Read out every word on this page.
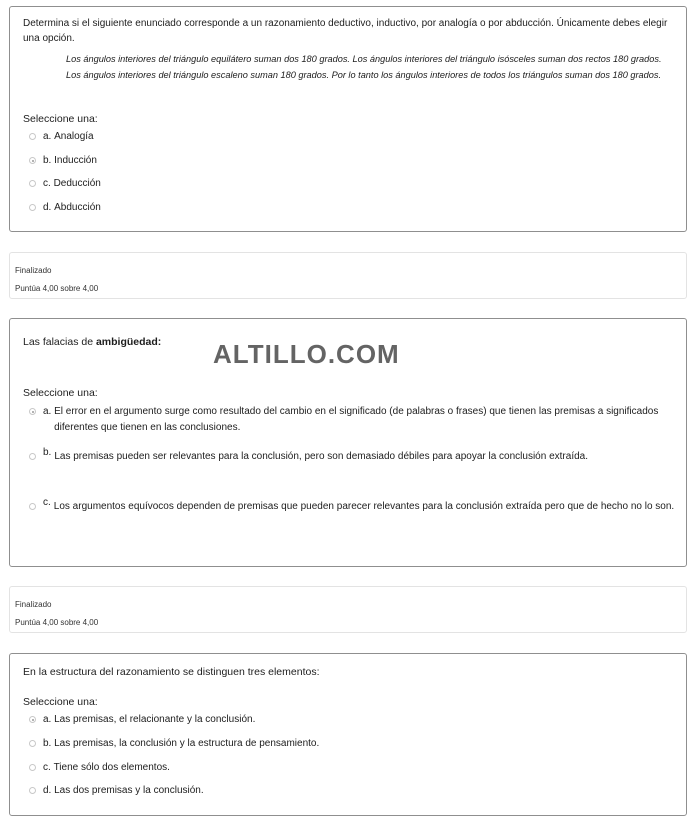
Determina si el siguiente enunciado corresponde a un razonamiento deductivo, inductivo, por analogía o por abducción. Únicamente debes elegir una opción.
Los ángulos interiores del triángulo equilátero suman dos 180 grados. Los ángulos interiores del triángulo isósceles suman dos rectos 180 grados. Los ángulos interiores del triángulo escaleno suman 180 grados. Por lo tanto los ángulos interiores de todos los triángulos suman dos 180 grados.
Seleccione una:
a.
Analogía
b.
Inducción
c.
Deducción
d.
Abducción
Finalizado
Puntúa 4,00 sobre 4,00
Las falacias de ambigüedad:
Seleccione una:
a.
El error en el argumento surge como resultado del cambio en el significado (de palabras o frases) que tienen las premisas a significados diferentes que tienen en las conclusiones.
b. Las premisas pueden ser relevantes para la conclusión, pero son demasiado débiles para apoyar la conclusión extraída.
c. Los argumentos equívocos dependen de premisas que pueden parecer relevantes para la conclusión extraída pero que de hecho no lo son.
ALTILLO.COM
Finalizado
Puntúa 4,00 sobre 4,00
En la estructura del razonamiento se distinguen tres elementos:
Seleccione una:
a.
Las premisas, el relacionante y la conclusión.
b.
Las premisas, la conclusión y la estructura de pensamiento.
c.
Tiene sólo dos elementos.
d.
Las dos premisas y la conclusión.
